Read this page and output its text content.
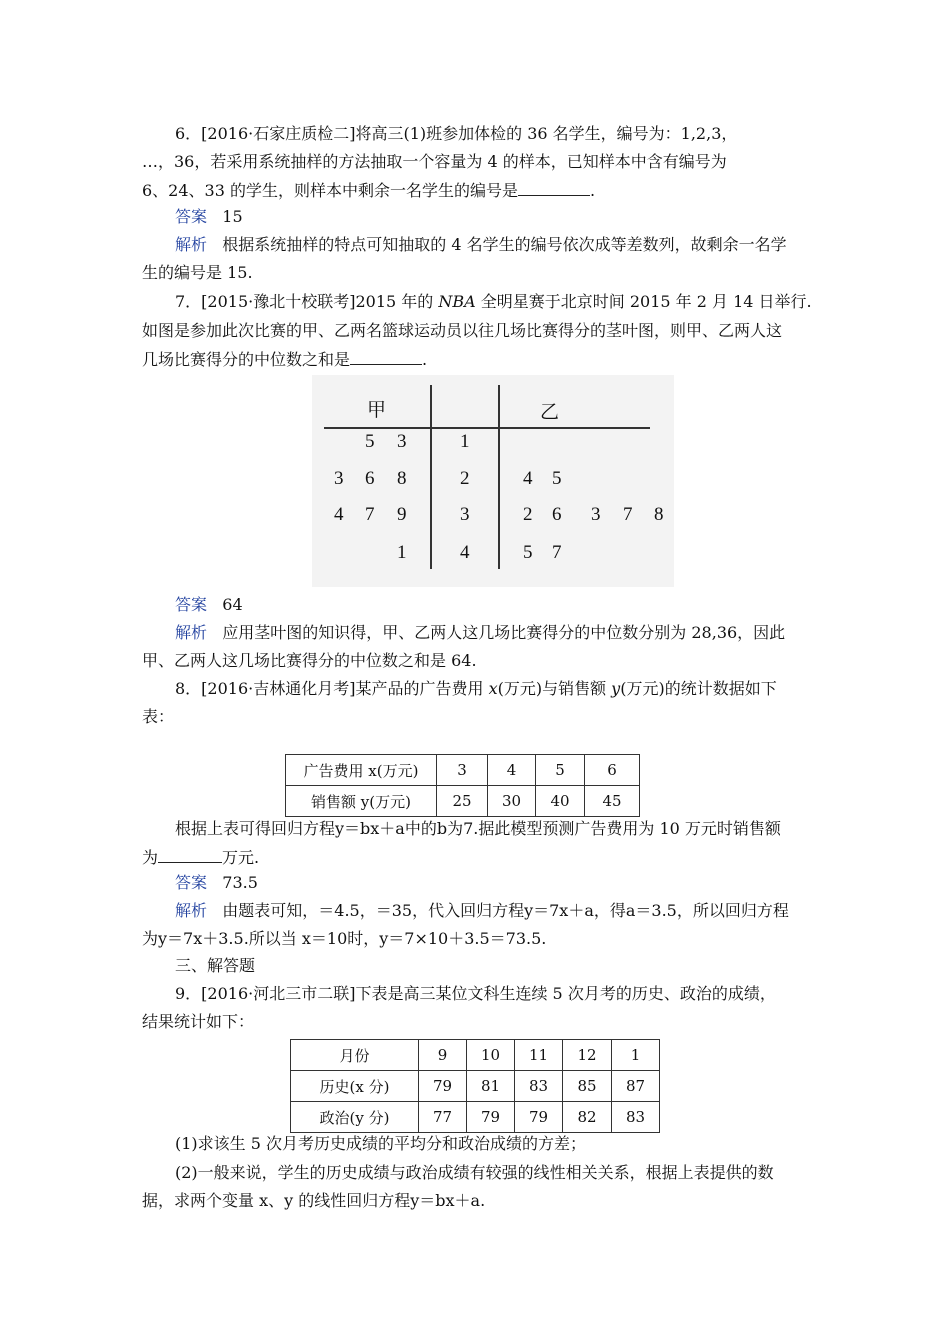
6．[2016·石家庄质检二]将高三(1)班参加体检的 36 名学生，编号为：1,2,3，
…，36，若采用系统抽样的方法抽取一个容量为 4 的样本，已知样本中含有编号为
6、24、33 的学生，则样本中剩余一名学生的编号是	.
答案 15
解析 根据系统抽样的特点可知抽取的 4 名学生的编号依次成等差数列，故剩余一名学
生的编号是 15.
7．[2015·豫北十校联考]2015 年的 NBA 全明星赛于北京时间 2015 年 2 月 14 日举行.
如图是参加此次比赛的甲、乙两名篮球运动员以往几场比赛得分的茎叶图，则甲、乙两人这
几场比赛得分的中位数之和是	.
甲	乙
5 3	1
3 6 8	2	4 5
4 7 9	3	2 6 3 7 8
1	4	5 7
答案 64
解析 应用茎叶图的知识得，甲、乙两人这几场比赛得分的中位数分别为 28,36，因此
甲、乙两人这几场比赛得分的中位数之和是 64.
8．[2016·吉林通化月考]某产品的广告费用 x(万元)与销售额 y(万元)的统计数据如下
表：
广告费用 x(万元)	3	4	5	6
销售额 y(万元)	25	30	40	45
根据上表可得回归方程y＝bx＋a中的b为7.据此模型预测广告费用为 10 万元时销售额
为	万元.
答案 73.5
解析 由题表可知，＝4.5，＝35，代入回归方程y＝7x＋a，得a＝3.5，所以回归方程
为y＝7x＋3.5.所以当 x＝10时，y＝7×10＋3.5＝73.5.
三、解答题
9．[2016·河北三市二联]下表是高三某位文科生连续 5 次月考的历史、政治的成绩，
结果统计如下：
月份	9	10	11	12	1
历史(x 分)	79	81	83	85	87
政治(y 分)	77	79	79	82	83
(1)求该生 5 次月考历史成绩的平均分和政治成绩的方差；
(2)一般来说，学生的历史成绩与政治成绩有较强的线性相关关系，根据上表提供的数
据，求两个变量 x、y 的线性回归方程y＝bx＋a.
